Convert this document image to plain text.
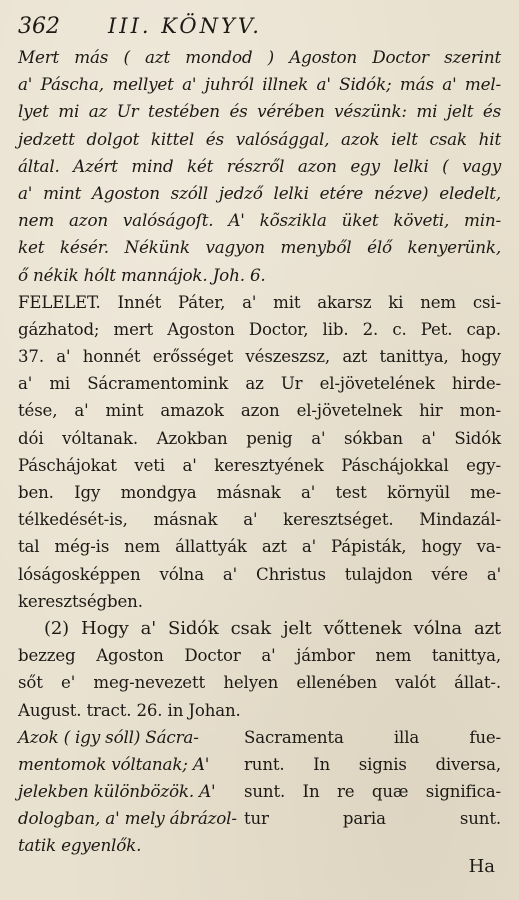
362	III. KÖNYV.
Mert más ( azt mondod ) Agoston Doctor szerint
a' Páscha, mellyet a' juhról illnek a' Sidók; más a' mel-
lyet mi az Ur testében és vérében vészünk: mi jelt és
jedzett dolgot kittel és valósággal, azok ielt csak hit
által. Azért mind két részről azon egy lelki ( vagy
a' mint Agoston szóll jedző lelki etére nézve) eledelt,
nem azon valóságoſt. A' kõszikla üket követi, min-
ket késér. Nékünk vagyon menyből élő kenyerünk,
ő nékik hólt mannájok. Joh. 6.
FELELET. Innét Páter, a' mit akarsz ki nem csi-
gázhatod; mert Agoston Doctor, lib. 2. c. Pet. cap.
37. a' honnét erősséget vészeszsz, azt tanittya, hogy
a' mi Sácramentomink az Ur el-jövetelének hirde-
tése, a' mint amazok azon el-jövetelnek hir mon-
dói vóltanak. Azokban penig a' sókban a' Sidók
Páschájokat veti a' keresztyének Páschájokkal egy-
ben. Igy mondgya másnak a' test környül me-
télkedését-is, másnak a' keresztséget. Mindazál-
tal még-is nem állattyák azt a' Pápisták, hogy va-
lóságosképpen vólna a' Christus tulajdon vére a'
keresztségben.
(2) Hogy a' Sidók csak jelt vőttenek vólna azt
bezzeg Agoston Doctor a' jámbor nem tanittya,
sőt e' meg-nevezett helyen ellenében valót állat-.
August. tract. 26. in Johan.
Azok ( igy sóll) Sácra-	Sacramenta illa fue-
mentomok vóltanak; A'	runt. In signis diversa,
jelekben különbözök. A'	sunt. In re quæ significa-
dologban, a' mely ábrázol- tur paria sunt.
tatik egyenlők.
Ha
